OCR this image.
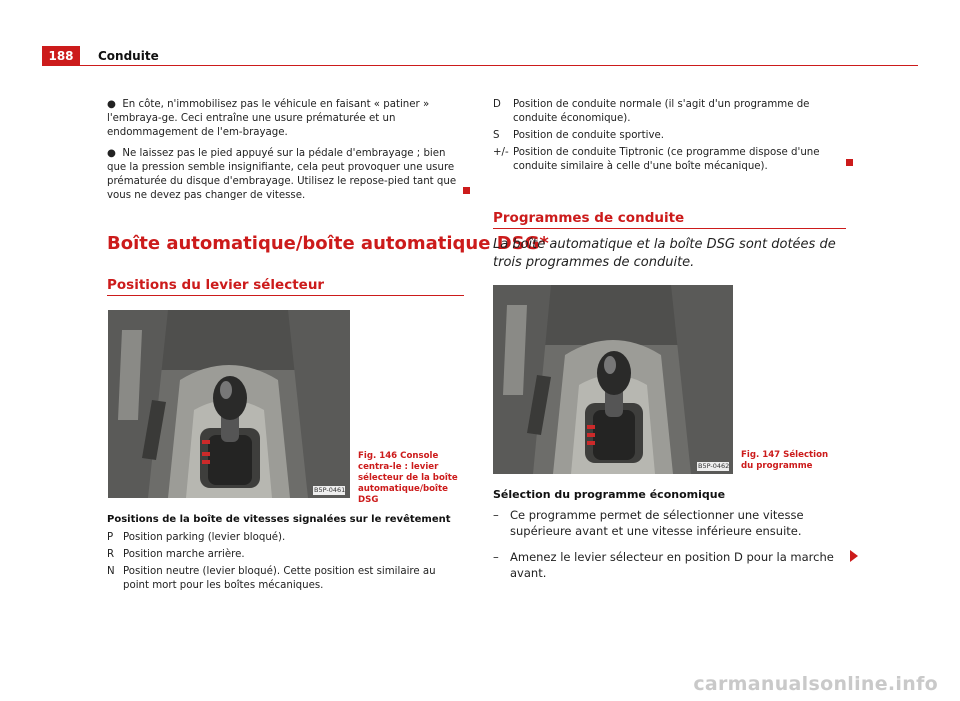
188	Conduite

●  En côte, n'immobilisez pas le véhicule en faisant « patiner » l'embraya-ge. Ceci entraîne une usure prématurée et un endommagement de l'em-brayage.

●  Ne laissez pas le pied appuyé sur la pédale d'embrayage ; bien que la pression semble insignifiante, cela peut provoquer une usure prématurée du disque d'embrayage. Utilisez le repose-pied tant que vous ne devez pas changer de vitesse.

Boîte automatique/boîte automatique DSG*
Positions du levier sélecteur
B5P-0461
Fig. 146 Console centra-le : levier sélecteur de la boîte automatique/boîte DSG
Positions de la boîte de vitesses signalées sur le revêtement
P Position parking (levier bloqué).
R Position marche arrière.
N Position neutre (levier bloqué). Cette position est similaire au point mort pour les boîtes mécaniques.
D	Position de conduite normale (il s'agit d'un programme de conduite économique).
S	Position de conduite sportive.
+/- Position de conduite Tiptronic (ce programme dispose d'une conduite similaire à celle d'une boîte mécanique).
Programmes de conduite
La boîte automatique et la boîte DSG sont dotées de trois programmes de conduite.
B5P-0462
Fig. 147 Sélection du programme
Sélection du programme économique
– Ce programme permet de sélectionner une vitesse supérieure avant et une vitesse inférieure ensuite.
– Amenez le levier sélecteur en position D pour la marche avant.
carmanualsonline.info
